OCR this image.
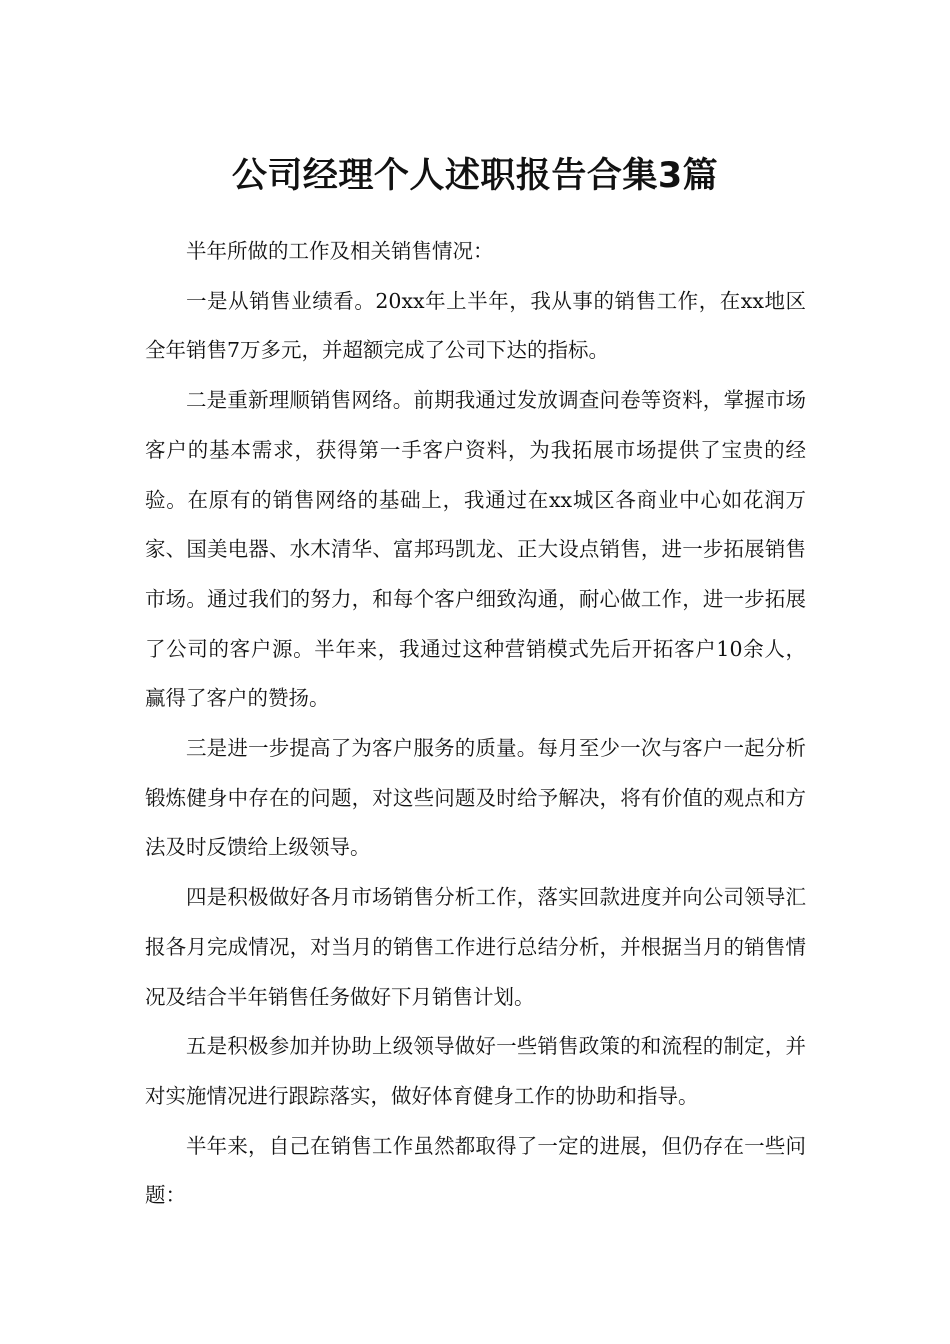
公司经理个人述职报告合集3篇

半年所做的工作及相关销售情况：

一是从销售业绩看。20xx年上半年，我从事的销售工作，在xx地区全年销售7万多元，并超额完成了公司下达的指标。

二是重新理顺销售网络。前期我通过发放调查问卷等资料，掌握市场客户的基本需求，获得第一手客户资料，为我拓展市场提供了宝贵的经验。在原有的销售网络的基础上，我通过在xx城区各商业中心如花润万家、国美电器、水木清华、富邦玛凯龙、正大设点销售，进一步拓展销售市场。通过我们的努力，和每个客户细致沟通，耐心做工作，进一步拓展了公司的客户源。半年来，我通过这种营销模式先后开拓客户10余人，赢得了客户的赞扬。

三是进一步提高了为客户服务的质量。每月至少一次与客户一起分析锻炼健身中存在的问题，对这些问题及时给予解决，将有价值的观点和方法及时反馈给上级领导。

四是积极做好各月市场销售分析工作，落实回款进度并向公司领导汇报各月完成情况，对当月的销售工作进行总结分析，并根据当月的销售情况及结合半年销售任务做好下月销售计划。

五是积极参加并协助上级领导做好一些销售政策的和流程的制定，并对实施情况进行跟踪落实，做好体育健身工作的协助和指导。

半年来，自己在销售工作虽然都取得了一定的进展，但仍存在一些问题：
